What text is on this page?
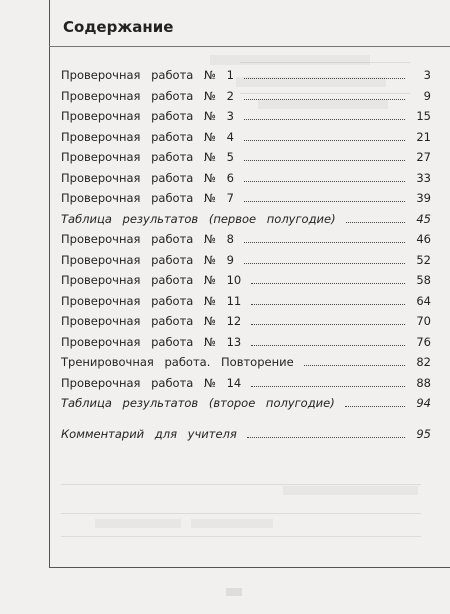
Содержание
Проверочная работа № 1	3
Проверочная работа № 2	9
Проверочная работа № 3	15
Проверочная работа № 4	21
Проверочная работа № 5	27
Проверочная работа № 6	33
Проверочная работа № 7	39
Таблица результатов (первое полугодие)	45
Проверочная работа № 8	46
Проверочная работа № 9	52
Проверочная работа № 10	58
Проверочная работа № 11	64
Проверочная работа № 12	70
Проверочная работа № 13	76
Тренировочная работа. Повторение	82
Проверочная работа № 14	88
Таблица результатов (второе полугодие)	94
Комментарий для учителя	95
